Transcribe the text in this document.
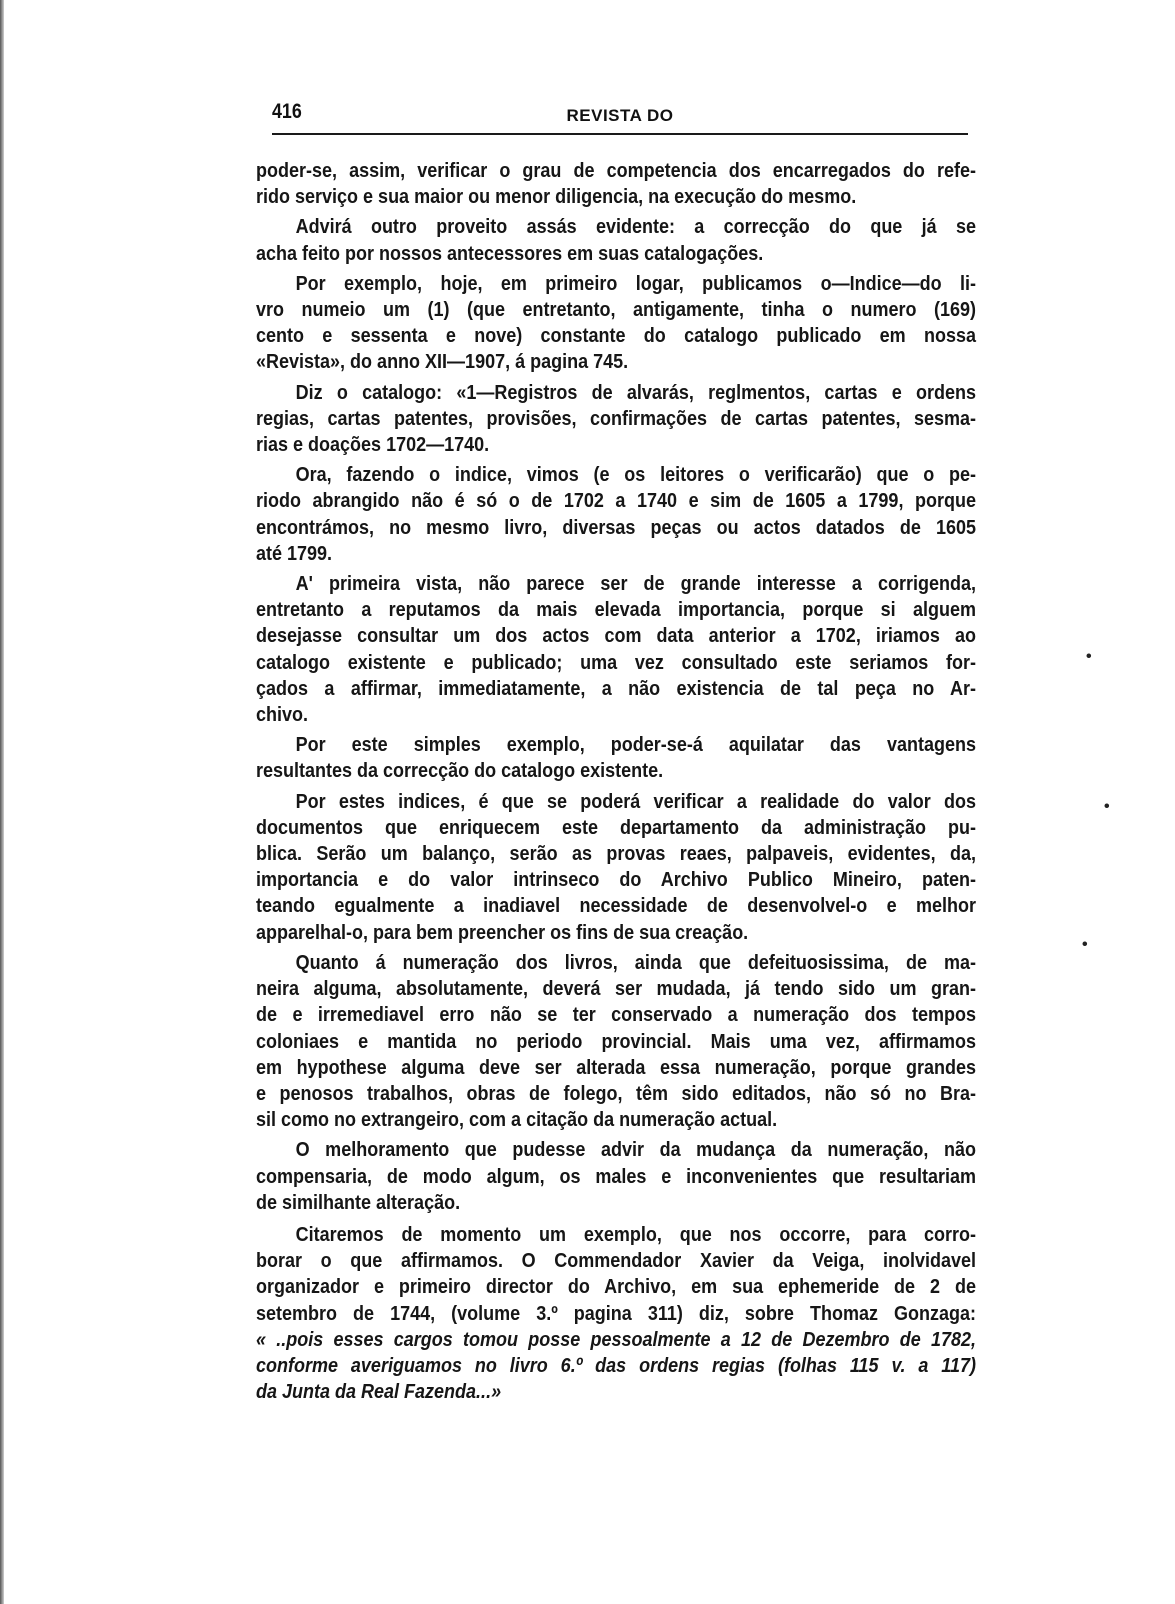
416	REVISTA DO
poder-se, assim, verificar o grau de competencia dos encarregados do refe-
rido serviço e sua maior ou menor diligencia, na execução do mesmo.
Advirá outro proveito assás evidente: a correcção do que já se
acha feito por nossos antecessores em suas catalogações.
Por exemplo, hoje, em primeiro logar, publicamos o—Indice—do li-
vro numeio um (1) (que entretanto, antigamente, tinha o numero (169)
cento e sessenta e nove) constante do catalogo publicado em nossa
«Revista», do anno XII—1907, á pagina 745.
Diz o catalogo: «1—Registros de alvarás, reglmentos, cartas e ordens
regias, cartas patentes, provisões, confirmações de cartas patentes, sesma-
rias e doações 1702—1740.
Ora, fazendo o indice, vimos (e os leitores o verificarão) que o pe-
riodo abrangido não é só o de 1702 a 1740 e sim de 1605 a 1799, porque
encontrámos, no mesmo livro, diversas peças ou actos datados de 1605
até 1799.
A' primeira vista, não parece ser de grande interesse a corrigenda,
entretanto a reputamos da mais elevada importancia, porque si alguem
desejasse consultar um dos actos com data anterior a 1702, iriamos ao
catalogo existente e publicado; uma vez consultado este seriamos for-
çados a affirmar, immediatamente, a não existencia de tal peça no Ar-
chivo.
Por este simples exemplo, poder-se-á aquilatar das vantagens
resultantes da correcção do catalogo existente.
Por estes indices, é que se poderá verificar a realidade do valor dos
documentos que enriquecem este departamento da administração pu-
blica. Serão um balanço, serão as provas reaes, palpaveis, evidentes, da,
importancia e do valor intrinseco do Archivo Publico Mineiro, paten-
teando egualmente a inadiavel necessidade de desenvolvel-o e melhor
apparelhal-o, para bem preencher os fins de sua creação.
Quanto á numeração dos livros, ainda que defeituosissima, de ma-
neira alguma, absolutamente, deverá ser mudada, já tendo sido um gran-
de e irremediavel erro não se ter conservado a numeração dos tempos
coloniaes e mantida no periodo provincial. Mais uma vez, affirmamos
em hypothese alguma deve ser alterada essa numeração, porque grandes
e penosos trabalhos, obras de folego, têm sido editados, não só no Bra-
sil como no extrangeiro, com a citação da numeração actual.
O melhoramento que pudesse advir da mudança da numeração, não
compensaria, de modo algum, os males e inconvenientes que resultariam
de similhante alteração.
Citaremos de momento um exemplo, que nos occorre, para corro-
borar o que affirmamos. O Commendador Xavier da Veiga, inolvidavel
organizador e primeiro director do Archivo, em sua ephemeride de 2 de
setembro de 1744, (volume 3.º pagina 311) diz, sobre Thomaz Gonzaga:
« ..pois esses cargos tomou posse pessoalmente a 12 de Dezembro de 1782,
conforme averiguamos no livro 6.º das ordens regias (folhas 115 v. a 117)
da Junta da Real Fazenda...»
•
•
•
